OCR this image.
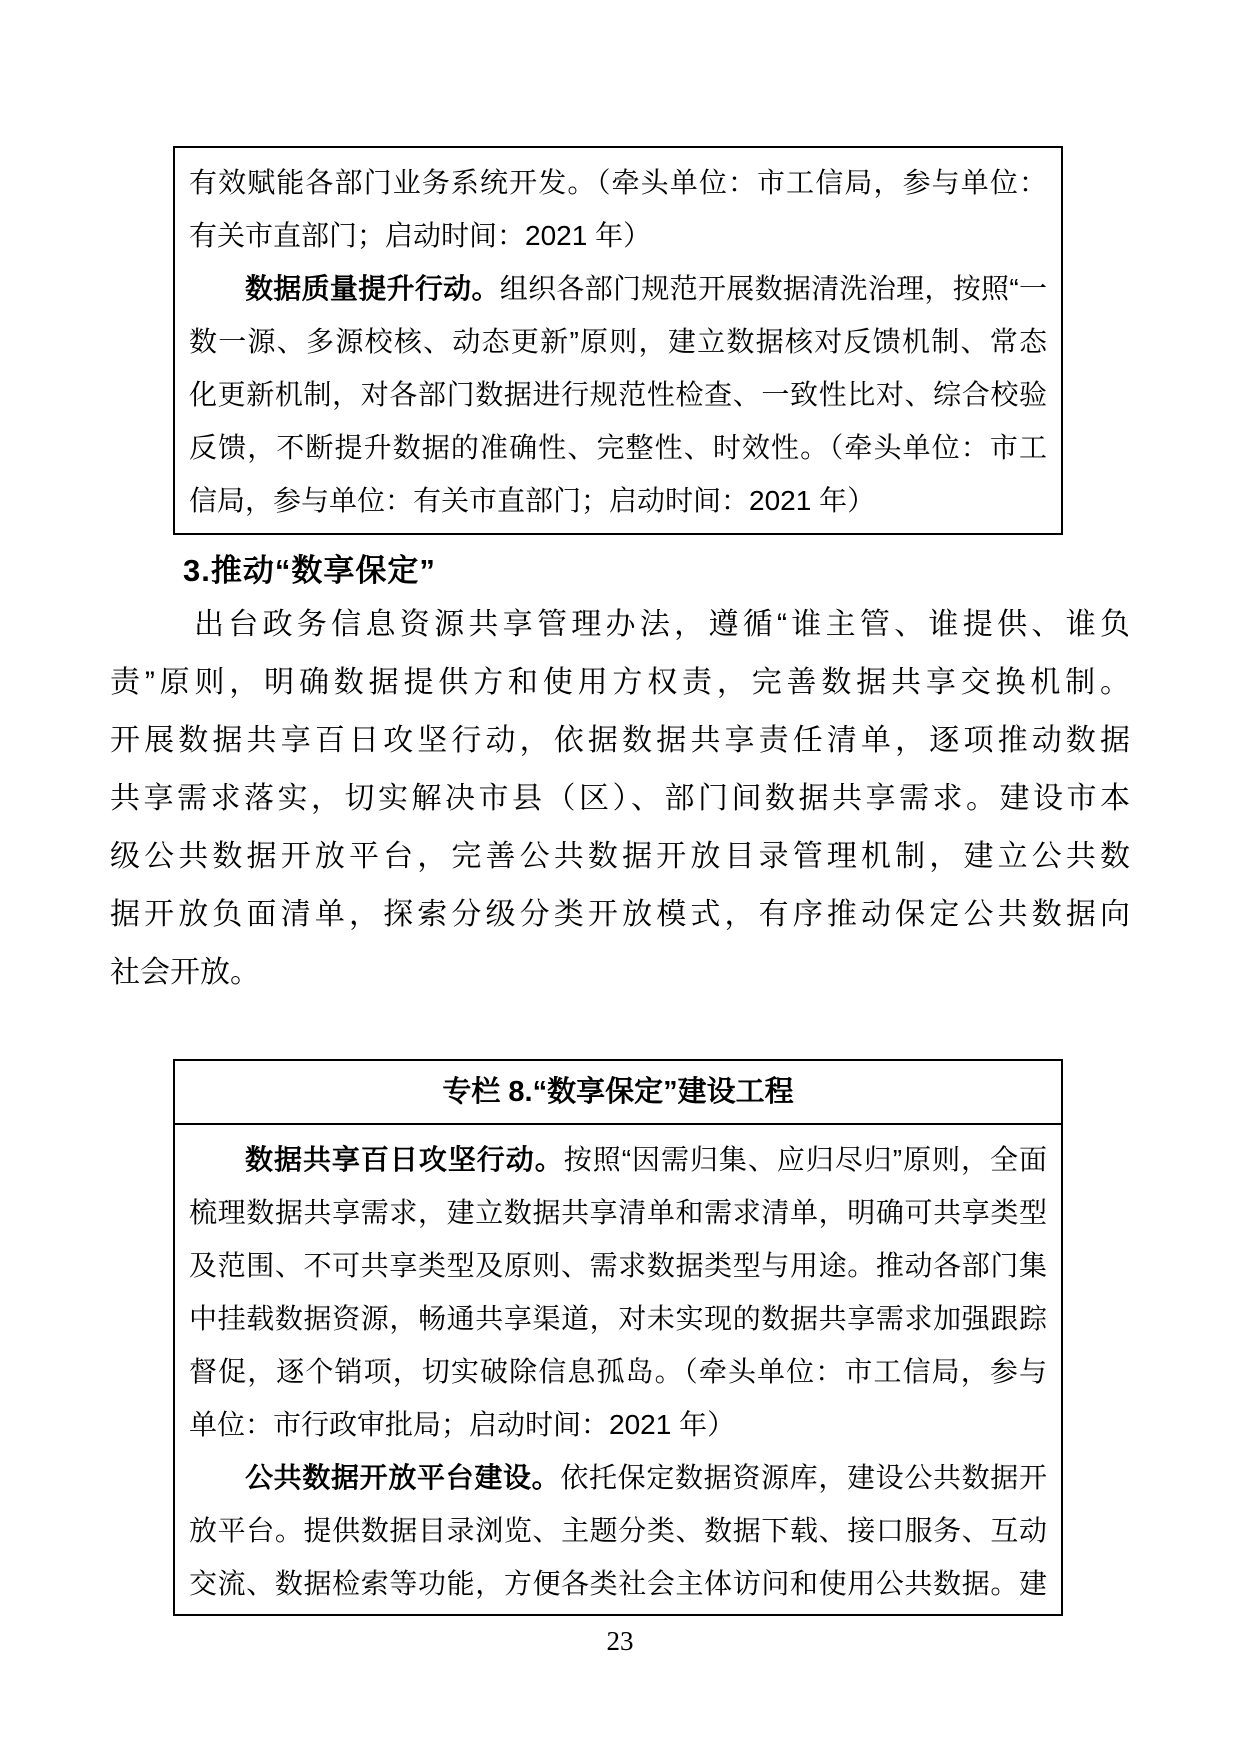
有效赋能各部门业务系统开发。（牵头单位：市工信局，参与单位：
有关市直部门；启动时间：2021 年）
数据质量提升行动。组织各部门规范开展数据清洗治理，按照“一
数一源、多源校核、动态更新”原则，建立数据核对反馈机制、常态
化更新机制，对各部门数据进行规范性检查、一致性比对、综合校验
反馈，不断提升数据的准确性、完整性、时效性。（牵头单位：市工
信局，参与单位：有关市直部门；启动时间：2021 年）
3.推动“数享保定”
出台政务信息资源共享管理办法，遵循“谁主管、谁提供、谁负
责”原则，明确数据提供方和使用方权责，完善数据共享交换机制。
开展数据共享百日攻坚行动，依据数据共享责任清单，逐项推动数据
共享需求落实，切实解决市县（区）、部门间数据共享需求。建设市本
级公共数据开放平台，完善公共数据开放目录管理机制，建立公共数
据开放负面清单，探索分级分类开放模式，有序推动保定公共数据向
社会开放。
专栏 8.“数享保定”建设工程
数据共享百日攻坚行动。按照“因需归集、应归尽归”原则，全面
梳理数据共享需求，建立数据共享清单和需求清单，明确可共享类型
及范围、不可共享类型及原则、需求数据类型与用途。推动各部门集
中挂载数据资源，畅通共享渠道，对未实现的数据共享需求加强跟踪
督促，逐个销项，切实破除信息孤岛。（牵头单位：市工信局，参与
单位：市行政审批局；启动时间：2021 年）
公共数据开放平台建设。依托保定数据资源库，建设公共数据开
放平台。提供数据目录浏览、主题分类、数据下载、接口服务、互动
交流、数据检索等功能，方便各类社会主体访问和使用公共数据。建
23
